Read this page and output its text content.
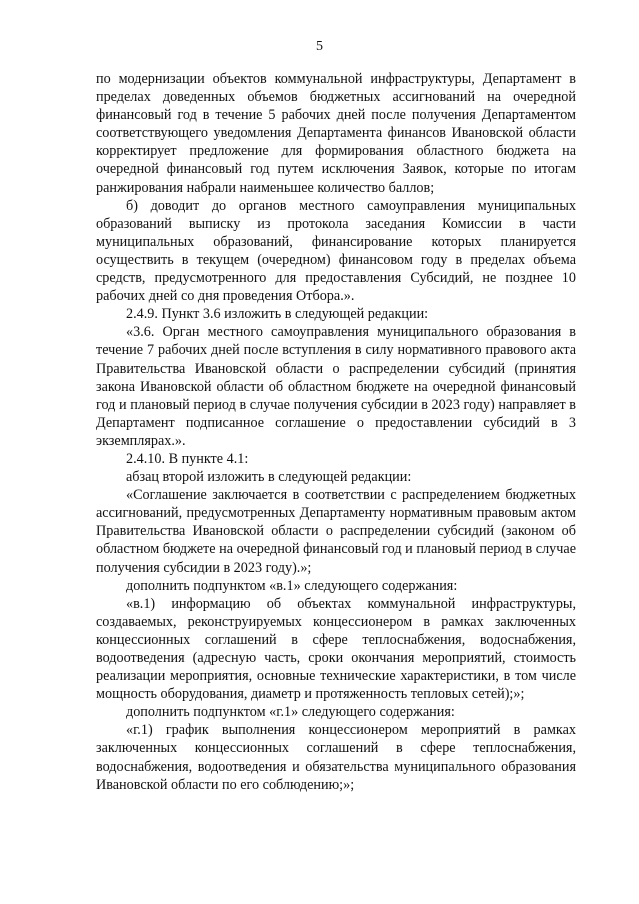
5

по модернизации объектов коммунальной инфраструктуры, Департамент в пределах доведенных объемов бюджетных ассигнований на очередной финансовый год в течение 5 рабочих дней после получения Департаментом соответствующего уведомления Департамента финансов Ивановской области корректирует предложение для формирования областного бюджета на очередной финансовый год путем исключения Заявок, которые по итогам ранжирования набрали наименьшее количество баллов;

б) доводит до органов местного самоуправления муниципальных образований выписку из протокола заседания Комиссии в части муниципальных образований, финансирование которых планируется осуществить в текущем (очередном) финансовом году в пределах объема средств, предусмотренного для предоставления Субсидий, не позднее 10 рабочих дней со дня проведения Отбора.».

2.4.9. Пункт 3.6 изложить в следующей редакции:

«3.6. Орган местного самоуправления муниципального образования в течение 7 рабочих дней после вступления в силу нормативного правового акта Правительства Ивановской области о распределении субсидий (принятия закона Ивановской области об областном бюджете на очередной финансовый год и плановый период в случае получения субсидии в 2023 году) направляет в Департамент подписанное соглашение о предоставлении субсидий в 3 экземплярах.».

2.4.10. В пункте 4.1:

абзац второй изложить в следующей редакции:

«Соглашение заключается в соответствии с распределением бюджетных ассигнований, предусмотренных Департаменту нормативным правовым актом Правительства Ивановской области о распределении субсидий (законом об областном бюджете на очередной финансовый год и плановый период в случае получения субсидии в 2023 году).»;

дополнить подпунктом «в.1» следующего содержания:

«в.1) информацию об объектах коммунальной инфраструктуры, создаваемых, реконструируемых концессионером в рамках заключенных концессионных соглашений в сфере теплоснабжения, водоснабжения, водоотведения (адресную часть, сроки окончания мероприятий, стоимость реализации мероприятия, основные технические характеристики, в том числе мощность оборудования, диаметр и протяженность тепловых сетей);»;

дополнить подпунктом «г.1» следующего содержания:

«г.1) график выполнения концессионером мероприятий в рамках заключенных концессионных соглашений в сфере теплоснабжения, водоснабжения, водоотведения и обязательства муниципального образования Ивановской области по его соблюдению;»;
